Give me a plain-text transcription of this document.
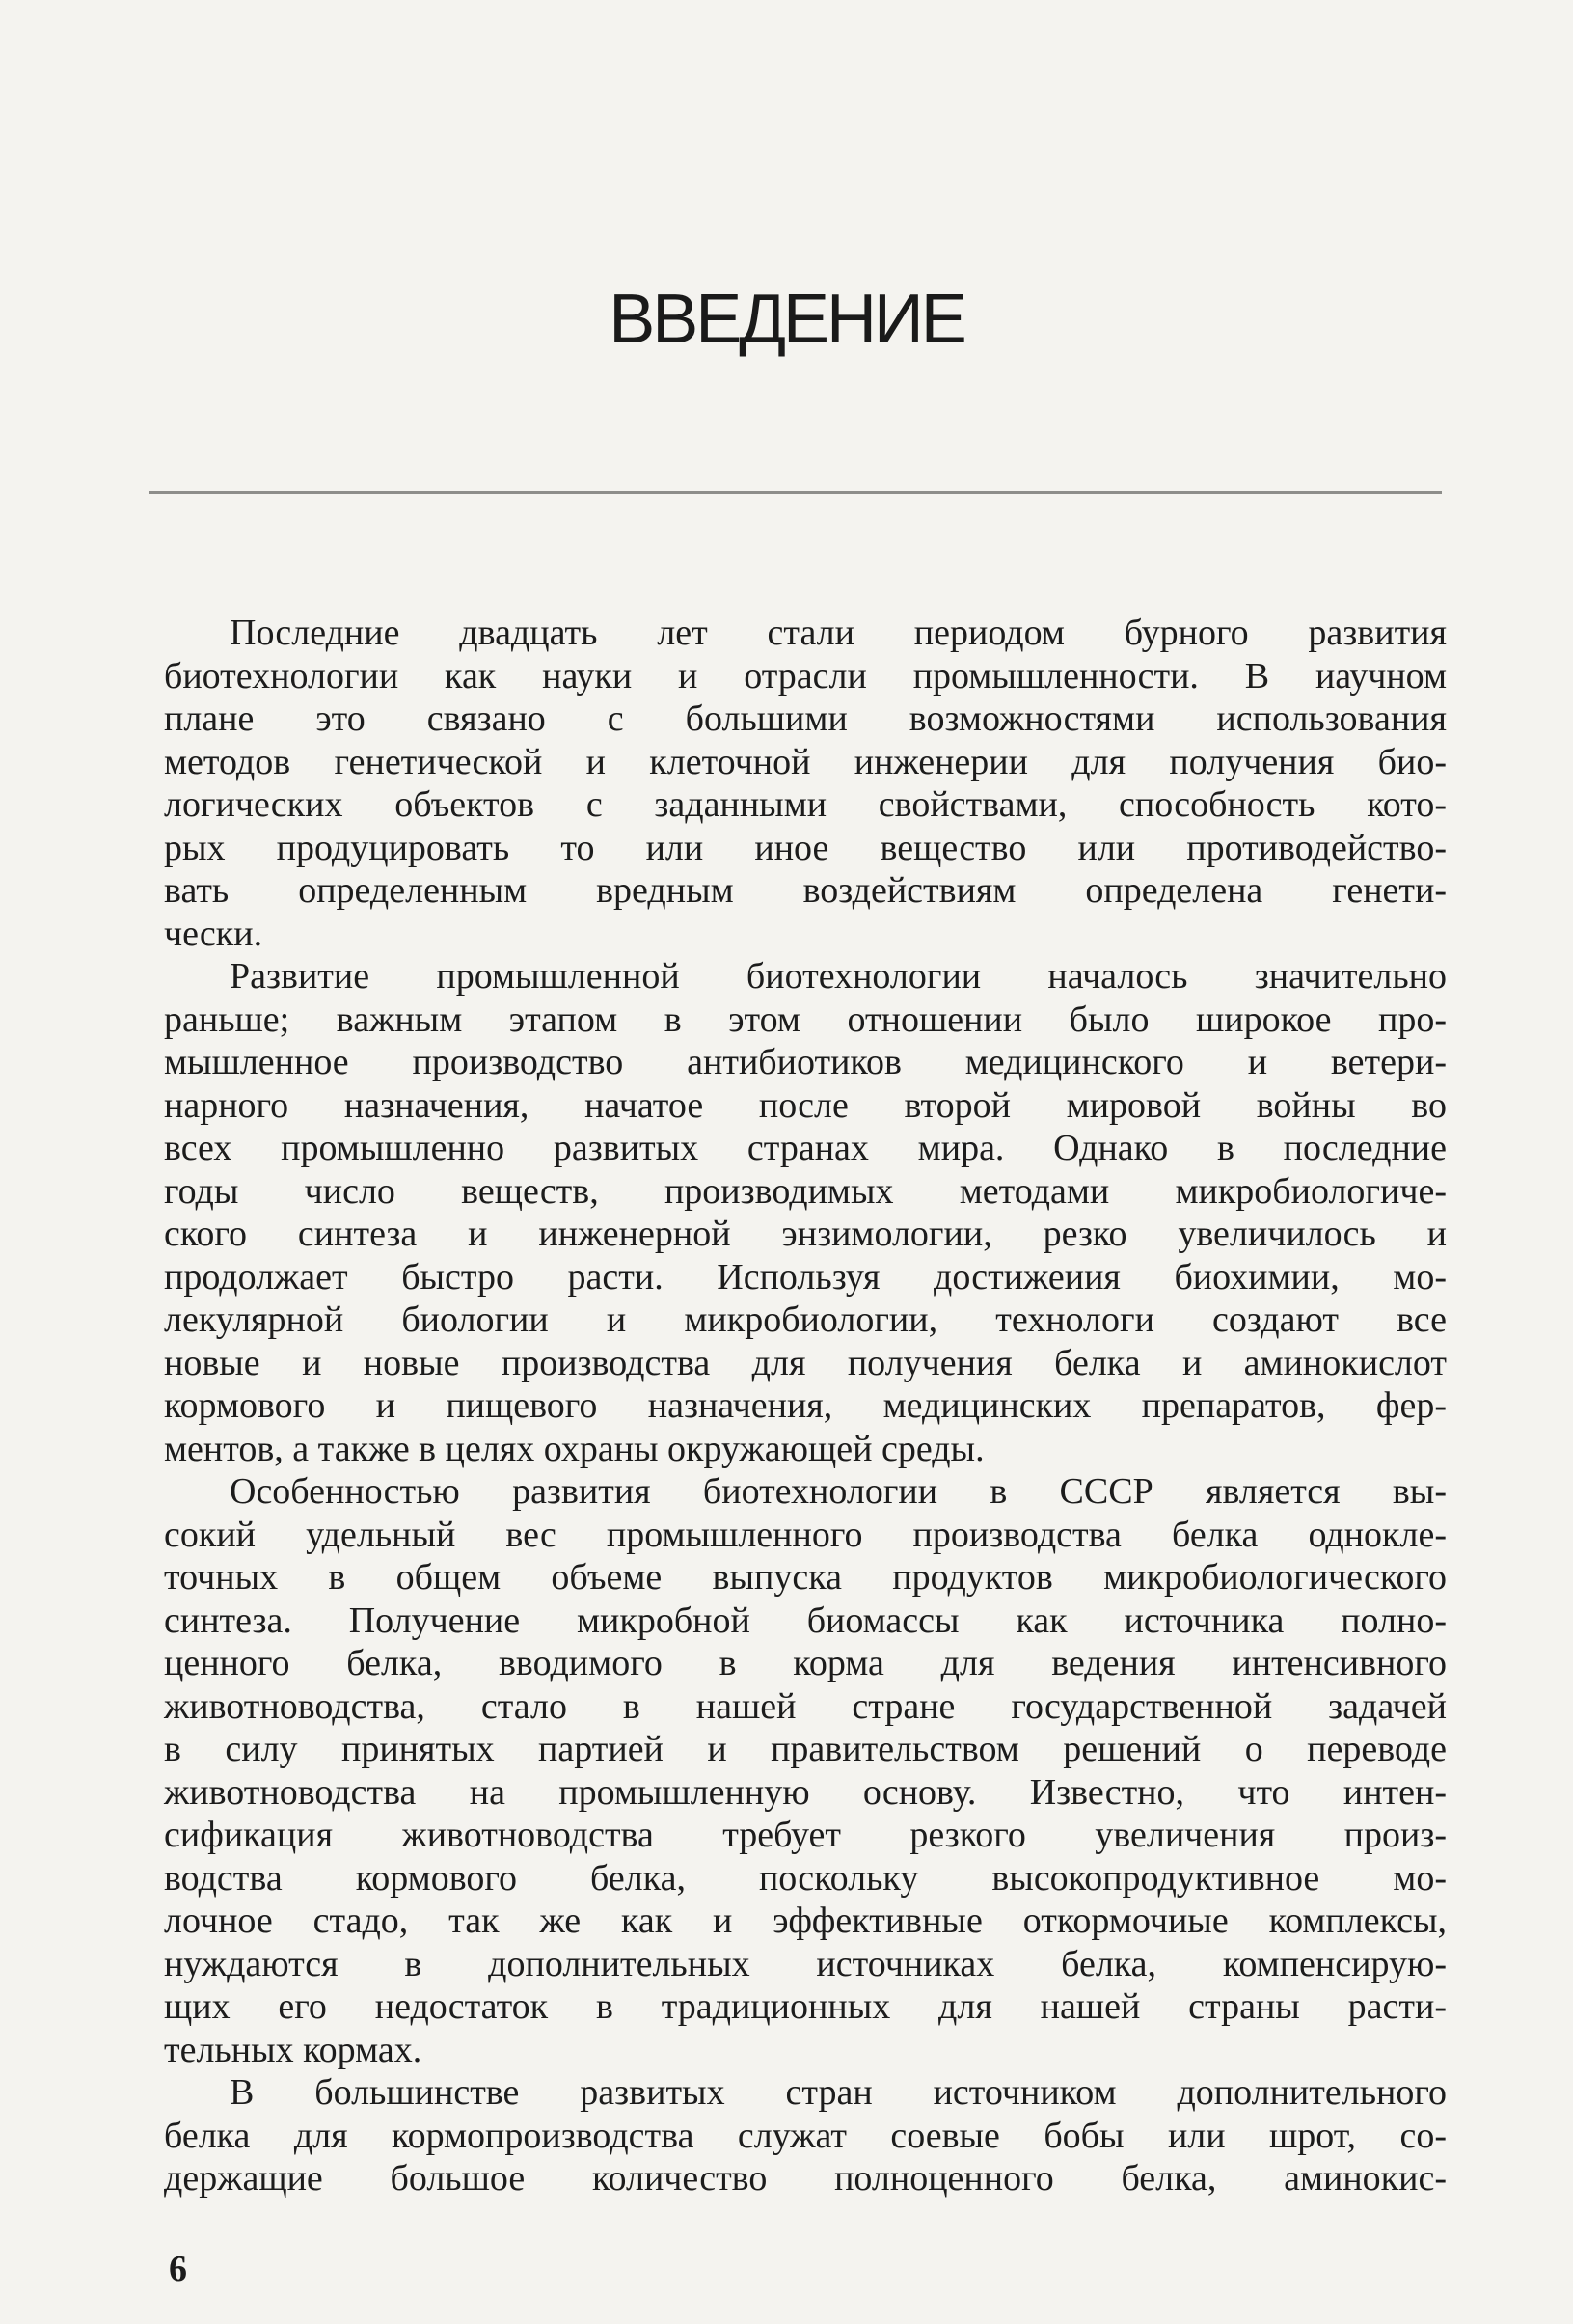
ВВЕДЕНИЕ
Последние двадцать лет стали периодом бурного развития
биотехнологии как науки и отрасли промышленности. В иаучном
плане это связано с большими возможностями использования
методов генетической и клеточной инженерии для получения био-
логических объектов с заданными свойствами, способность кото-
рых продуцировать то или иное вещество или противодейство-
вать определенным вредным воздействиям определена генети-
чески.
Развитие промышленной биотехнологии началось значительно
раньше; важным этапом в этом отношении было широкое про-
мышленное производство антибиотиков медицинского и ветери-
нарного назначения, начатое после второй мировой войны во
всех промышленно развитых странах мира. Однако в последние
годы число веществ, производимых методами микробиологиче-
ского синтеза и инженерной энзимологии, резко увеличилось и
продолжает быстро расти. Используя достижеиия биохимии, мо-
лекулярной биологии и микробиологии, технологи создают все
новые и новые производства для получения белка и аминокислот
кормового и пищевого назначения, медицинских препаратов, фер-
ментов, а также в целях охраны окружающей среды.
Особенностью развития биотехнологии в СССР является вы-
сокий удельный вес промышленного производства белка однокле-
точных в общем объеме выпуска продуктов микробиологического
синтеза. Получение микробной биомассы как источника полно-
ценного белка, вводимого в корма для ведения интенсивного
животноводства, стало в нашей стране государственной задачей
в силу принятых партией и правительством решений о переводе
животноводства на промышленную основу. Известно, что интен-
сификация животноводства требует резкого увеличения произ-
водства кормового белка, поскольку высокопродуктивное мо-
лочное стадо, так же как и эффективные откормочиые комплексы,
нуждаются в дополнительных источниках белка, компенсирую-
щих его недостаток в традиционных для нашей страны расти-
тельных кормах.
В большинстве развитых стран источником дополнительного
белка для кормопроизводства служат соевые бобы или шрот, со-
держащие большое количество полноценного белка, аминокис-
6
